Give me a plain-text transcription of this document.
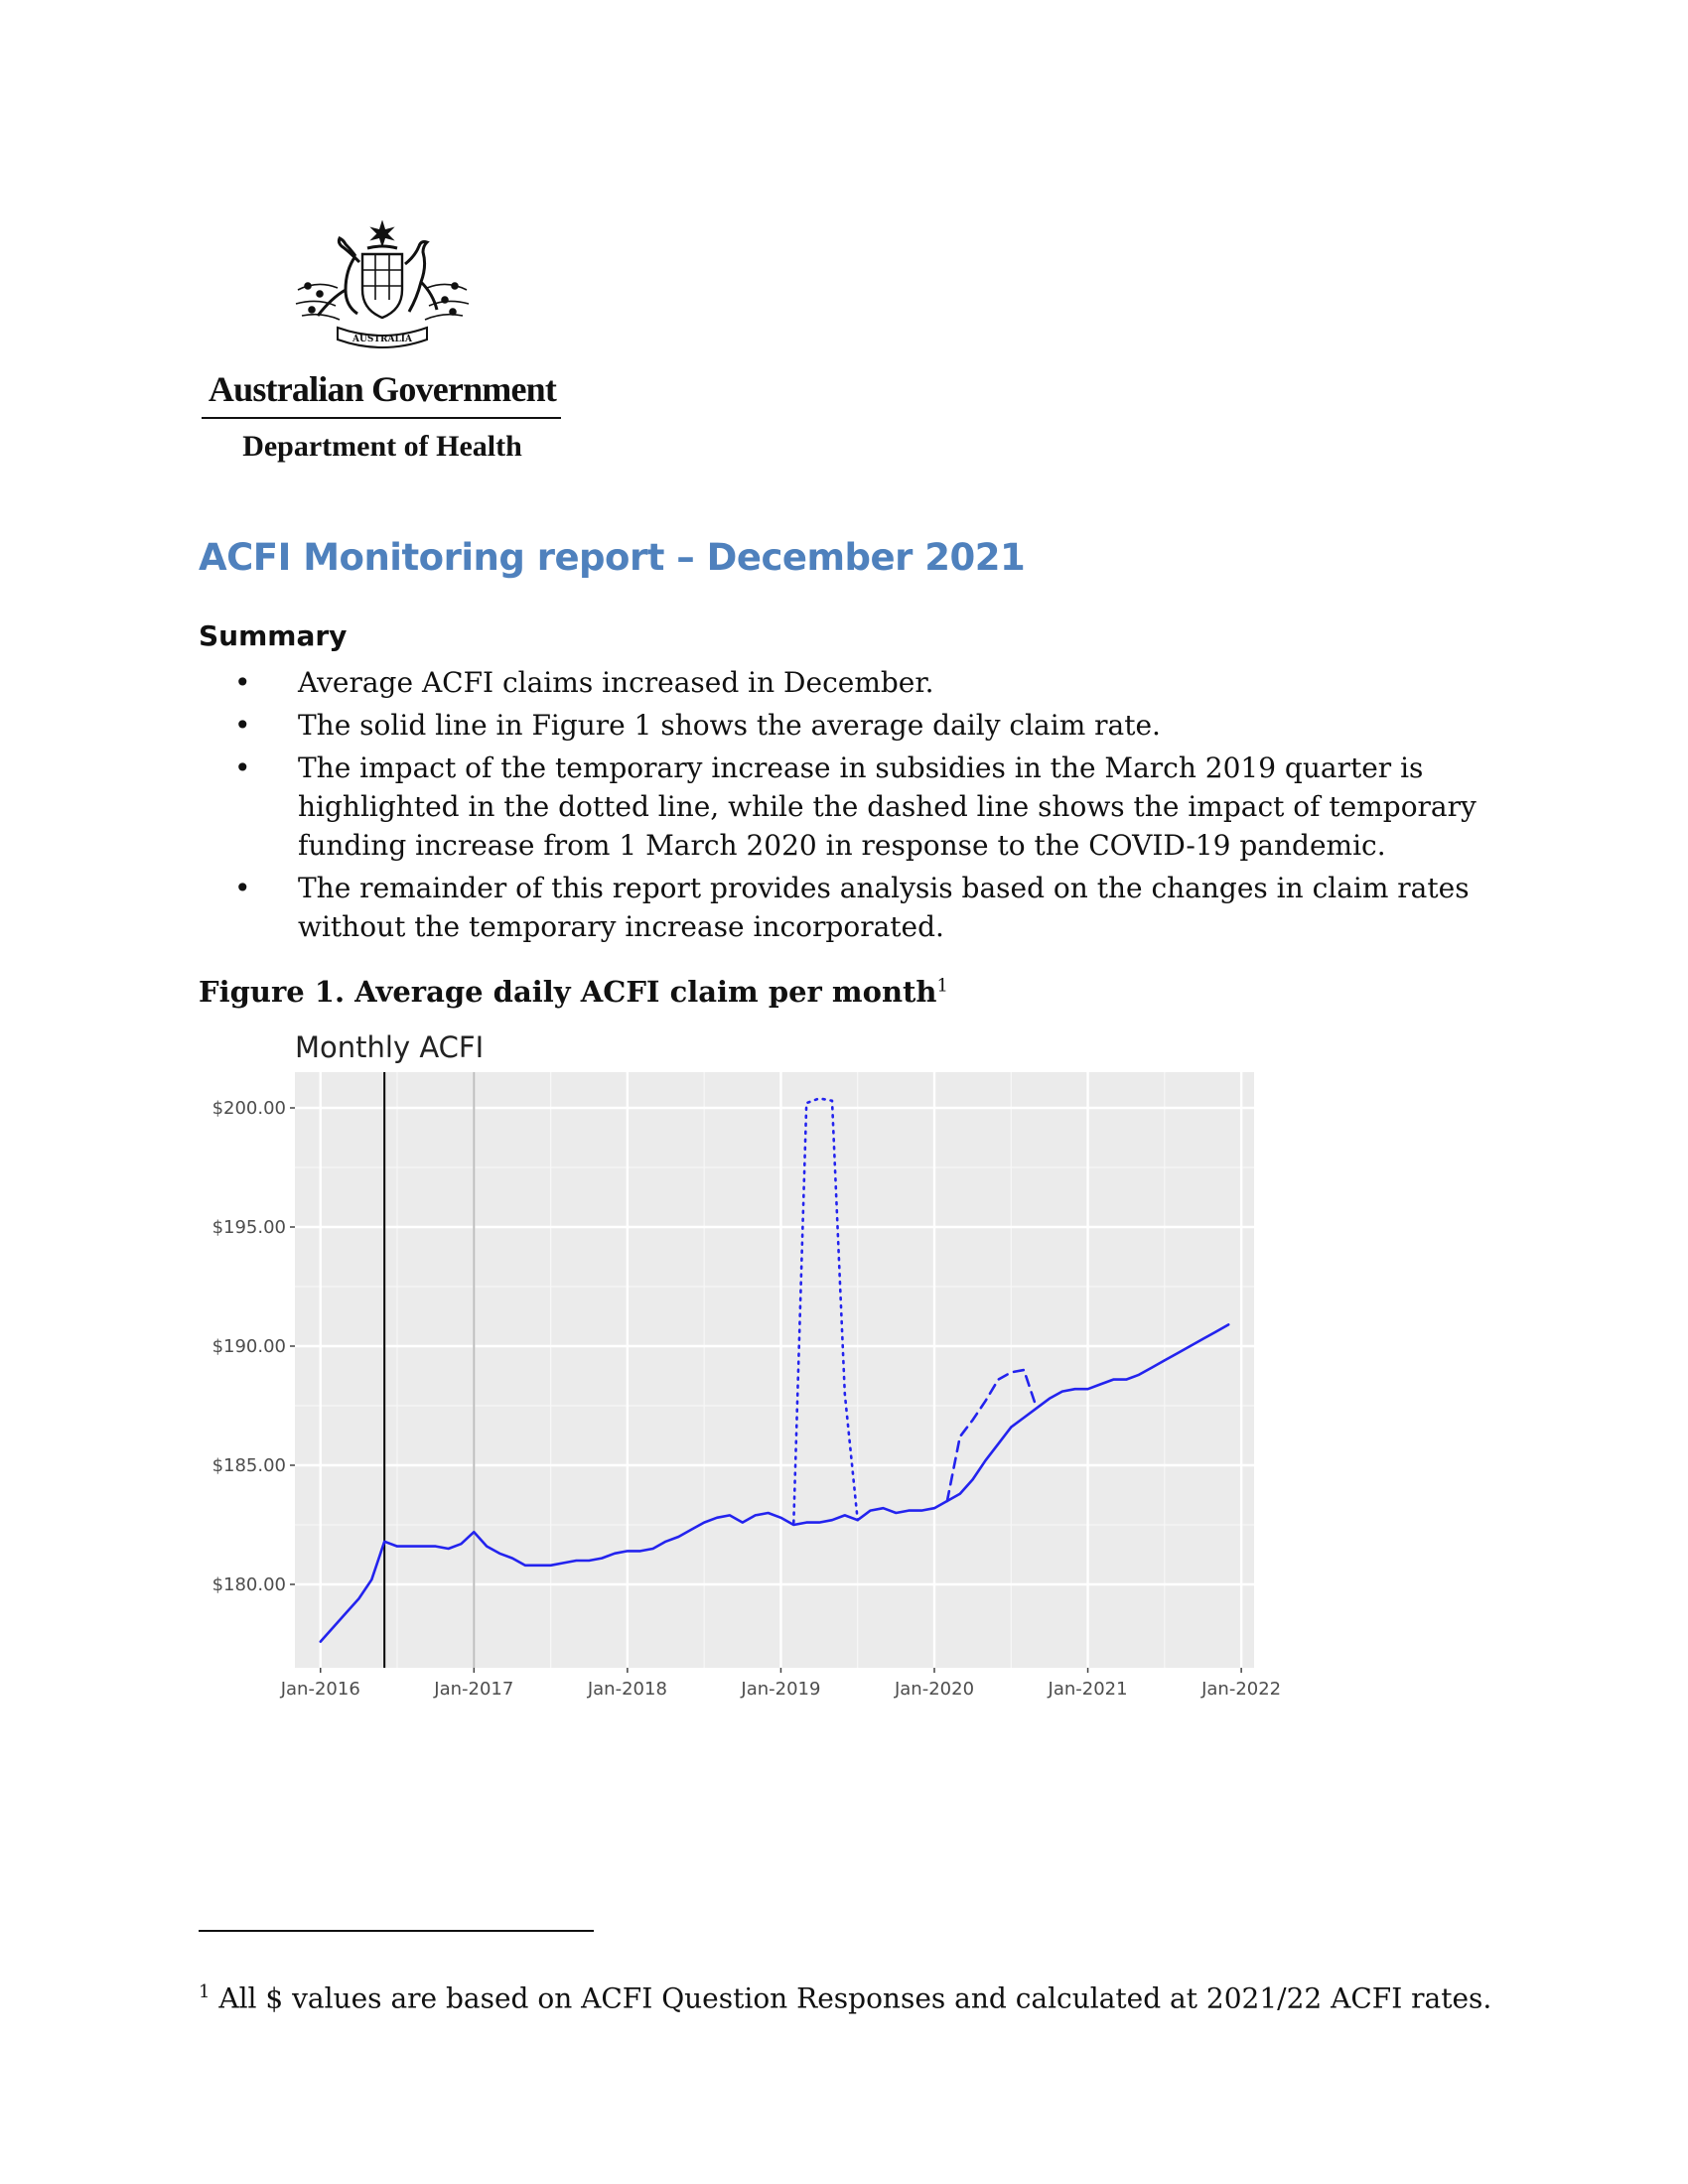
AUSTRALIA
Australian Government
Department of Health
ACFI Monitoring report – December 2021
Summary
• Average ACFI claims increased in December.
• The solid line in Figure 1 shows the average daily claim rate.
• The impact of the temporary increase in subsidies in the March 2019 quarter is highlighted in the dotted line, while the dashed line shows the impact of temporary funding increase from 1 March 2020 in response to the COVID-19 pandemic.
• The remainder of this report provides analysis based on the changes in claim rates without the temporary increase incorporated.
Figure 1. Average daily ACFI claim per month$^1$
Monthly ACFI
$180.00
$185.00
$190.00
$195.00
$200.00
Jan-2016	Jan-2017	Jan-2018	Jan-2019	Jan-2020	Jan-2021	Jan-2022
$^1$ All $ values are based on ACFI Question Responses and calculated at 2021/22 ACFI rates.
